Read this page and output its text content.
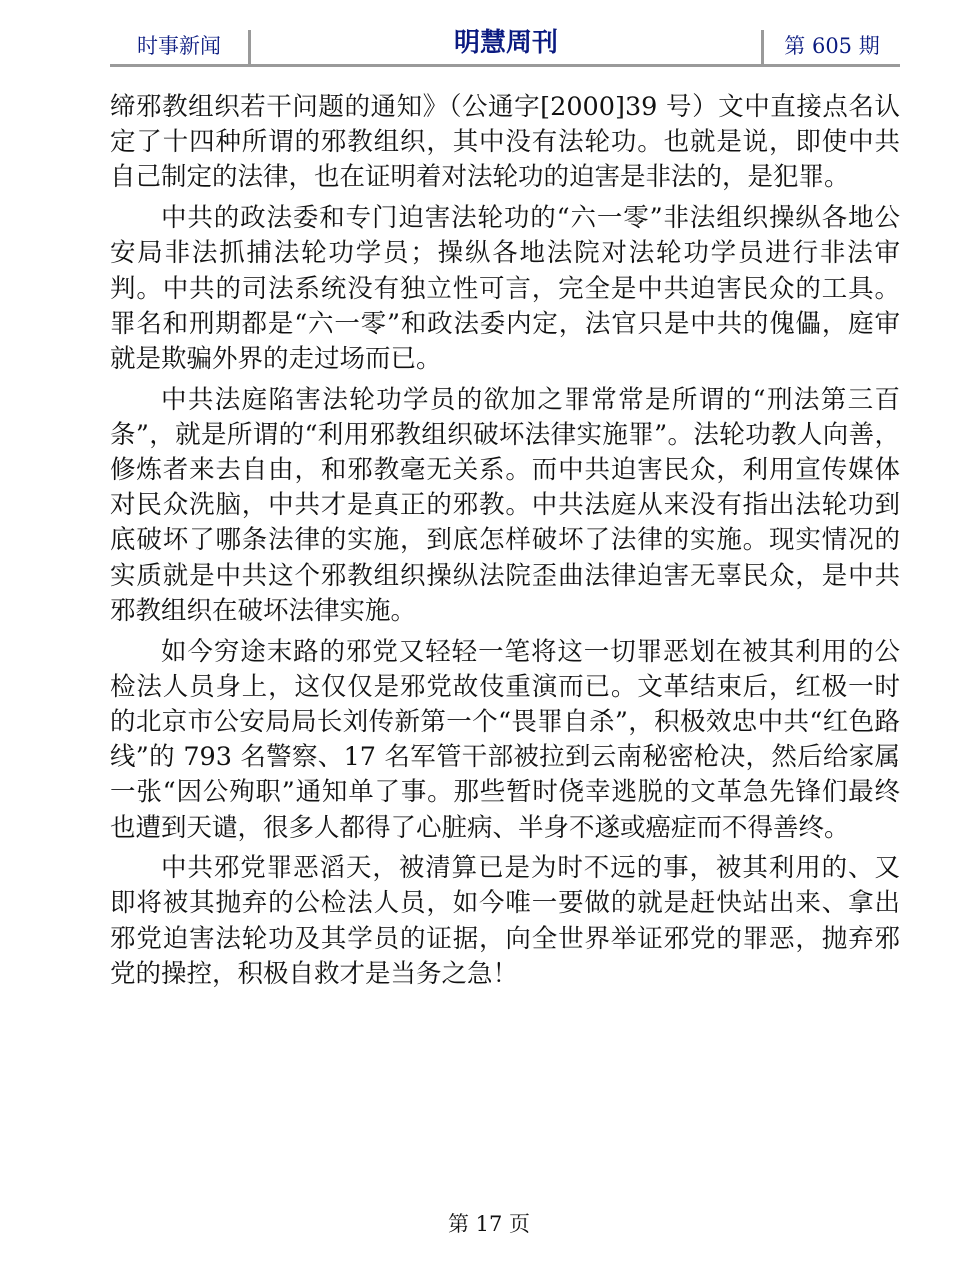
时事新闻	明慧周刊	第 605 期

缔邪教组织若干问题的通知》（公通字[2000]39 号）文中直接点名认定了十四种所谓的邪教组织，其中没有法轮功。也就是说，即使中共自己制定的法律，也在证明着对法轮功的迫害是非法的，是犯罪。

中共的政法委和专门迫害法轮功的“六一零”非法组织操纵各地公安局非法抓捕法轮功学员；操纵各地法院对法轮功学员进行非法审判。中共的司法系统没有独立性可言，完全是中共迫害民众的工具。罪名和刑期都是“六一零”和政法委内定，法官只是中共的傀儡，庭审就是欺骗外界的走过场而已。

中共法庭陷害法轮功学员的欲加之罪常常是所谓的“刑法第三百条”，就是所谓的“利用邪教组织破坏法律实施罪”。法轮功教人向善，修炼者来去自由，和邪教毫无关系。而中共迫害民众，利用宣传媒体对民众洗脑，中共才是真正的邪教。中共法庭从来没有指出法轮功到底破坏了哪条法律的实施，到底怎样破坏了法律的实施。现实情况的实质就是中共这个邪教组织操纵法院歪曲法律迫害无辜民众，是中共邪教组织在破坏法律实施。

如今穷途末路的邪党又轻轻一笔将这一切罪恶划在被其利用的公检法人员身上，这仅仅是邪党故伎重演而已。文革结束后，红极一时的北京市公安局局长刘传新第一个“畏罪自杀”，积极效忠中共“红色路线”的 793 名警察、17 名军管干部被拉到云南秘密枪决，然后给家属一张“因公殉职”通知单了事。那些暂时侥幸逃脱的文革急先锋们最终也遭到天谴，很多人都得了心脏病、半身不遂或癌症而不得善终。

中共邪党罪恶滔天，被清算已是为时不远的事，被其利用的、又即将被其抛弃的公检法人员，如今唯一要做的就是赶快站出来、拿出邪党迫害法轮功及其学员的证据，向全世界举证邪党的罪恶，抛弃邪党的操控，积极自救才是当务之急！

第 17 页
